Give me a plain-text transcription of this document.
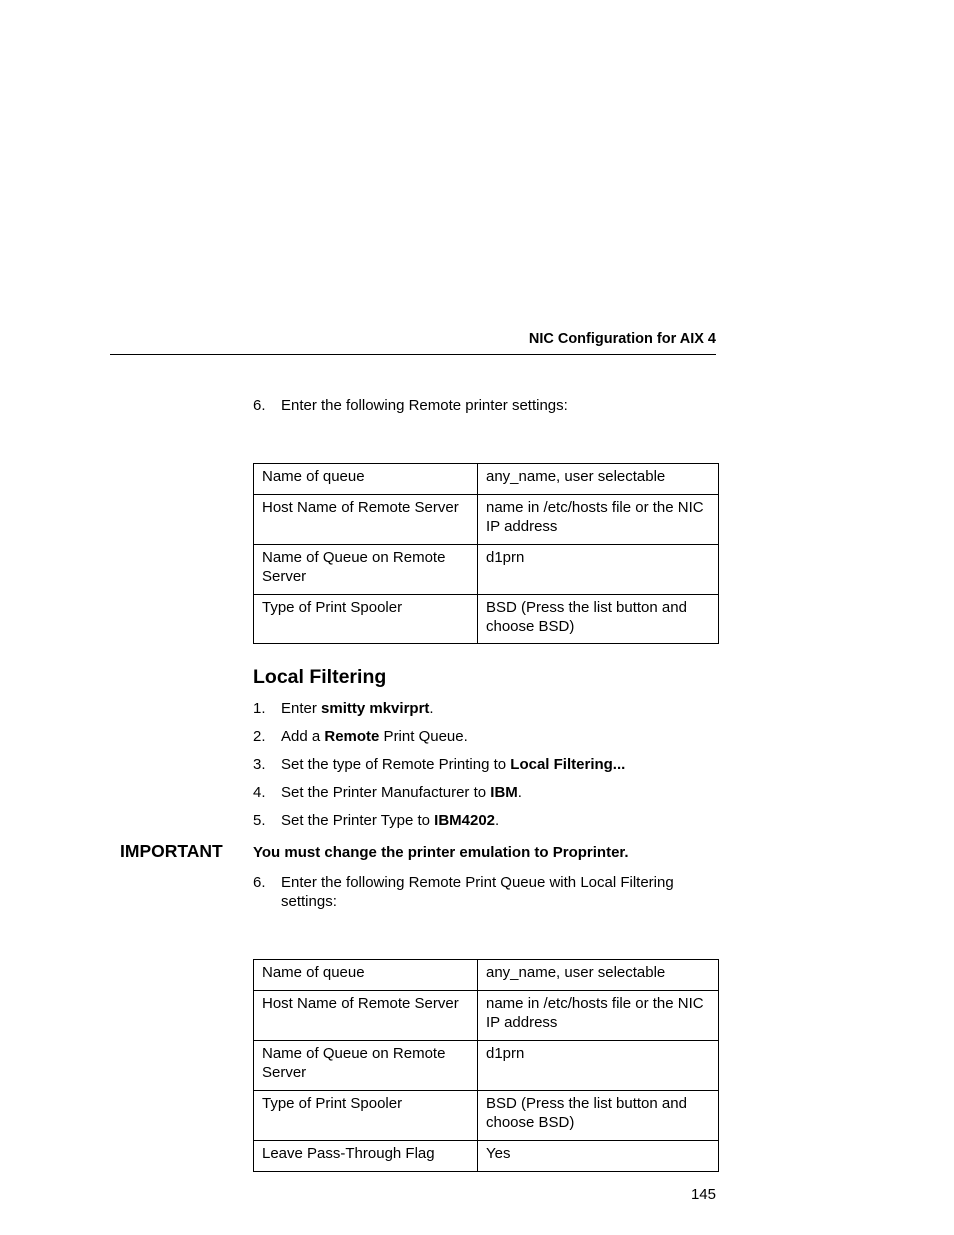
NIC Configuration for AIX 4
6. Enter the following Remote printer settings:
Name of queue	any_name, user selectable
Host Name of Remote Server	name in /etc/hosts file or the NIC IP address
Name of Queue on Remote Server	d1prn
Type of Print Spooler	BSD (Press the list button and choose BSD)
Local Filtering
1. Enter smitty mkvirprt.
2. Add a Remote Print Queue.
3. Set the type of Remote Printing to Local Filtering...
4. Set the Printer Manufacturer to IBM.
5. Set the Printer Type to IBM4202.
IMPORTANT You must change the printer emulation to Proprinter.
6. Enter the following Remote Print Queue with Local Filtering settings:
Name of queue	any_name, user selectable
Host Name of Remote Server	name in /etc/hosts file or the NIC IP address
Name of Queue on Remote Server	d1prn
Type of Print Spooler	BSD (Press the list button and choose BSD)
Leave Pass-Through Flag	Yes
145
